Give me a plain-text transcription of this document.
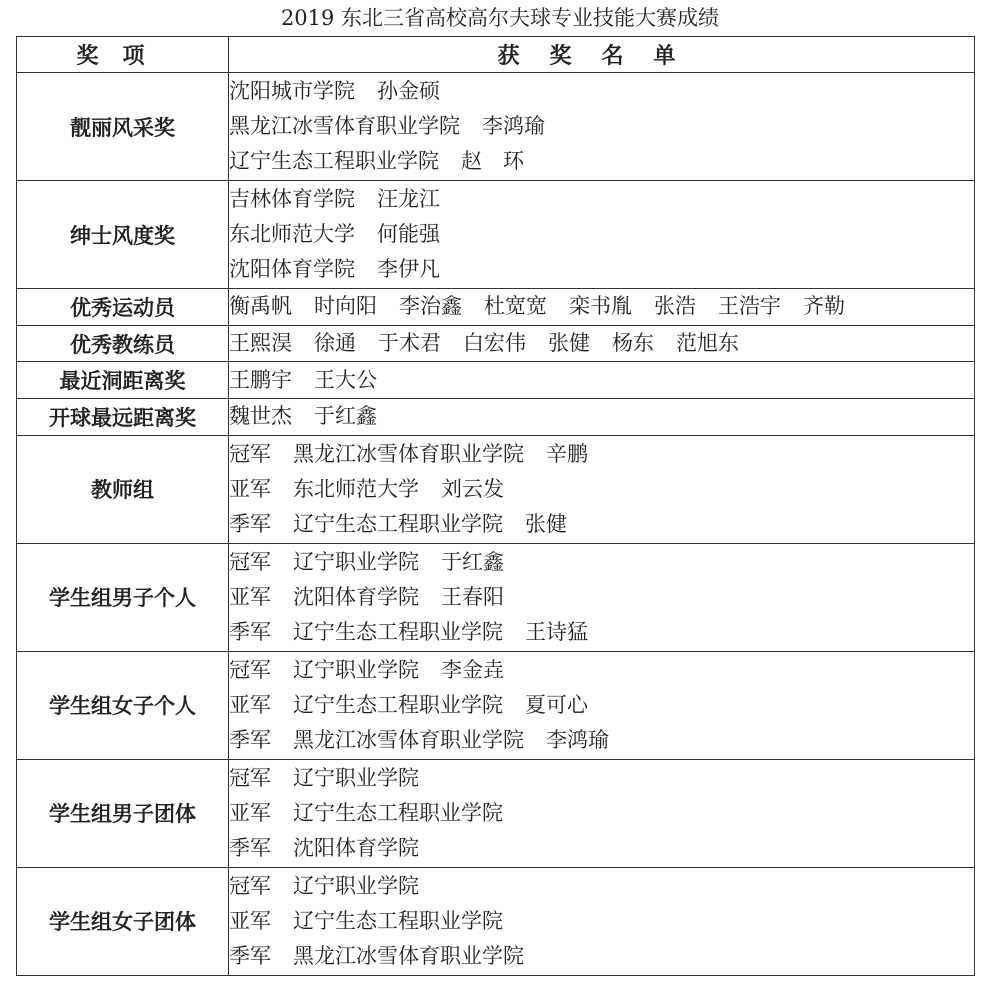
2019 东北三省高校高尔夫球专业技能大赛成绩
奖项	获奖名单
靓丽风采奖	沈阳城市学院 孙金硕
黑龙江冰雪体育职业学院 李鸿瑜
辽宁生态工程职业学院 赵　环

绅士风度奖	吉林体育学院 汪龙江
东北师范大学 何能强
沈阳体育学院 李伊凡

优秀运动员	衡禹帆 时向阳 李治鑫 杜宽宽 栾书胤 张浩 王浩宇 齐勒

优秀教练员	王熙淏 徐通 于术君 白宏伟 张健 杨东 范旭东

最近洞距离奖	王鹏宇 王大公

开球最远距离奖	魏世杰 于红鑫

教师组	冠军 黑龙江冰雪体育职业学院 辛鹏
亚军 东北师范大学 刘云发
季军 辽宁生态工程职业学院 张健

学生组男子个人	冠军 辽宁职业学院 于红鑫
亚军 沈阳体育学院 王春阳
季军 辽宁生态工程职业学院 王诗猛

学生组女子个人	冠军 辽宁职业学院 李金垚
亚军 辽宁生态工程职业学院 夏可心
季军 黑龙江冰雪体育职业学院 李鸿瑜

学生组男子团体	冠军 辽宁职业学院
亚军 辽宁生态工程职业学院
季军 沈阳体育学院

学生组女子团体	冠军 辽宁职业学院
亚军 辽宁生态工程职业学院
季军 黑龙江冰雪体育职业学院
